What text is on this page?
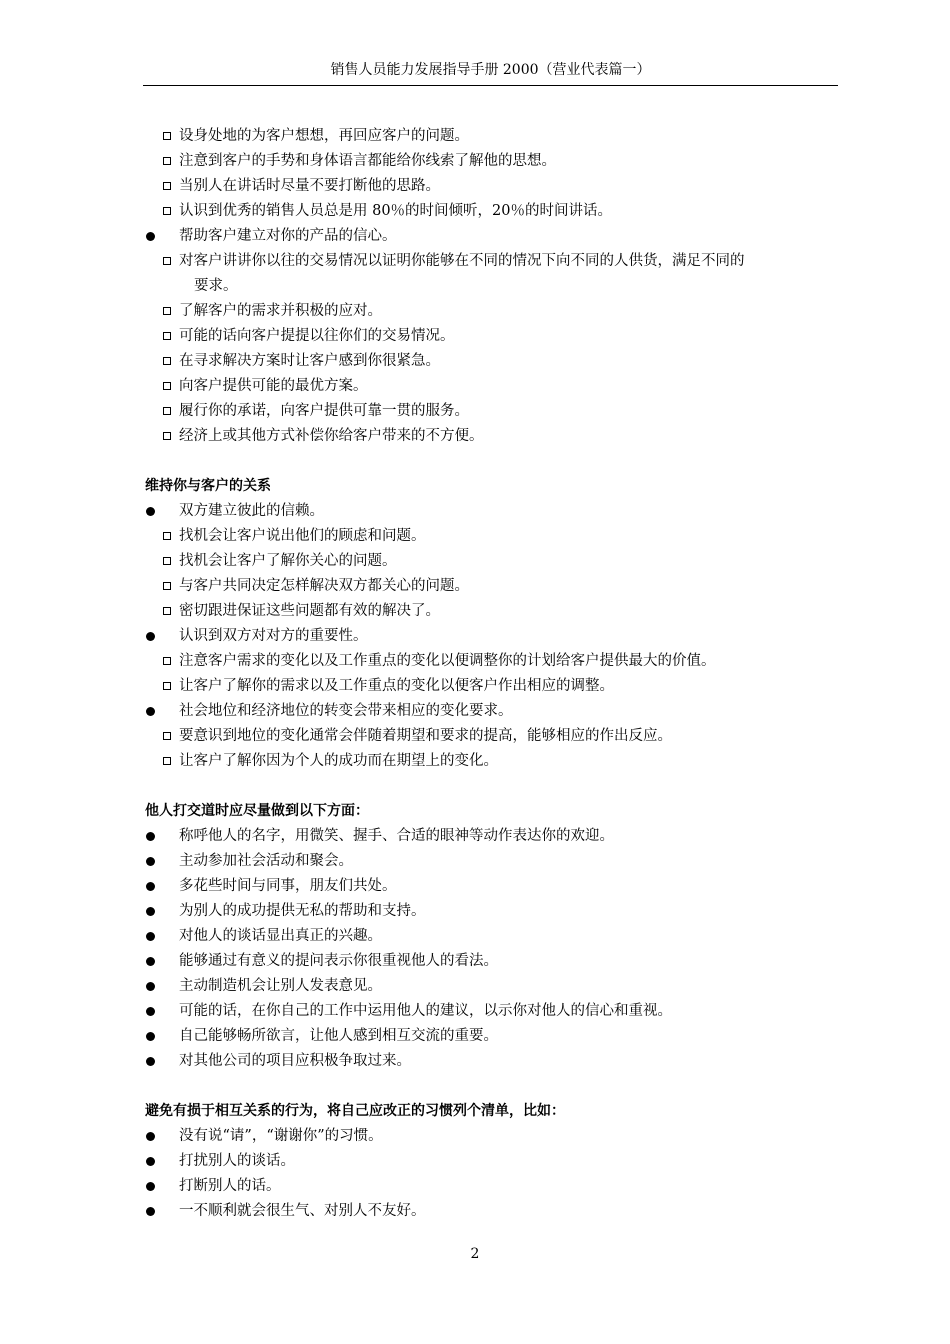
销售人员能力发展指导手册 2000（营业代表篇一）
设身处地的为客户想想，再回应客户的问题。
注意到客户的手势和身体语言都能给你线索了解他的思想。
当别人在讲话时尽量不要打断他的思路。
认识到优秀的销售人员总是用 80％的时间倾听，20％的时间讲话。
帮助客户建立对你的产品的信心。
对客户讲讲你以往的交易情况以证明你能够在不同的情况下向不同的人供货，满足不同的
要求。
了解客户的需求并积极的应对。
可能的话向客户提提以往你们的交易情况。
在寻求解决方案时让客户感到你很紧急。
向客户提供可能的最优方案。
履行你的承诺，向客户提供可靠一贯的服务。
经济上或其他方式补偿你给客户带来的不方便。
维持你与客户的关系
双方建立彼此的信赖。
找机会让客户说出他们的顾虑和问题。
找机会让客户了解你关心的问题。
与客户共同决定怎样解决双方都关心的问题。
密切跟进保证这些问题都有效的解决了。
认识到双方对对方的重要性。
注意客户需求的变化以及工作重点的变化以便调整你的计划给客户提供最大的价值。
让客户了解你的需求以及工作重点的变化以便客户作出相应的调整。
社会地位和经济地位的转变会带来相应的变化要求。
要意识到地位的变化通常会伴随着期望和要求的提高，能够相应的作出反应。
让客户了解你因为个人的成功而在期望上的变化。
他人打交道时应尽量做到以下方面：
称呼他人的名字，用微笑、握手、合适的眼神等动作表达你的欢迎。
主动参加社会活动和聚会。
多花些时间与同事，朋友们共处。
为别人的成功提供无私的帮助和支持。
对他人的谈话显出真正的兴趣。
能够通过有意义的提问表示你很重视他人的看法。
主动制造机会让别人发表意见。
可能的话，在你自己的工作中运用他人的建议，以示你对他人的信心和重视。
自己能够畅所欲言，让他人感到相互交流的重要。
对其他公司的项目应积极争取过来。
避免有损于相互关系的行为，将自己应改正的习惯列个清单，比如：
没有说“请”，“谢谢你”的习惯。
打扰别人的谈话。
打断别人的话。
一不顺利就会很生气、对别人不友好。
2
